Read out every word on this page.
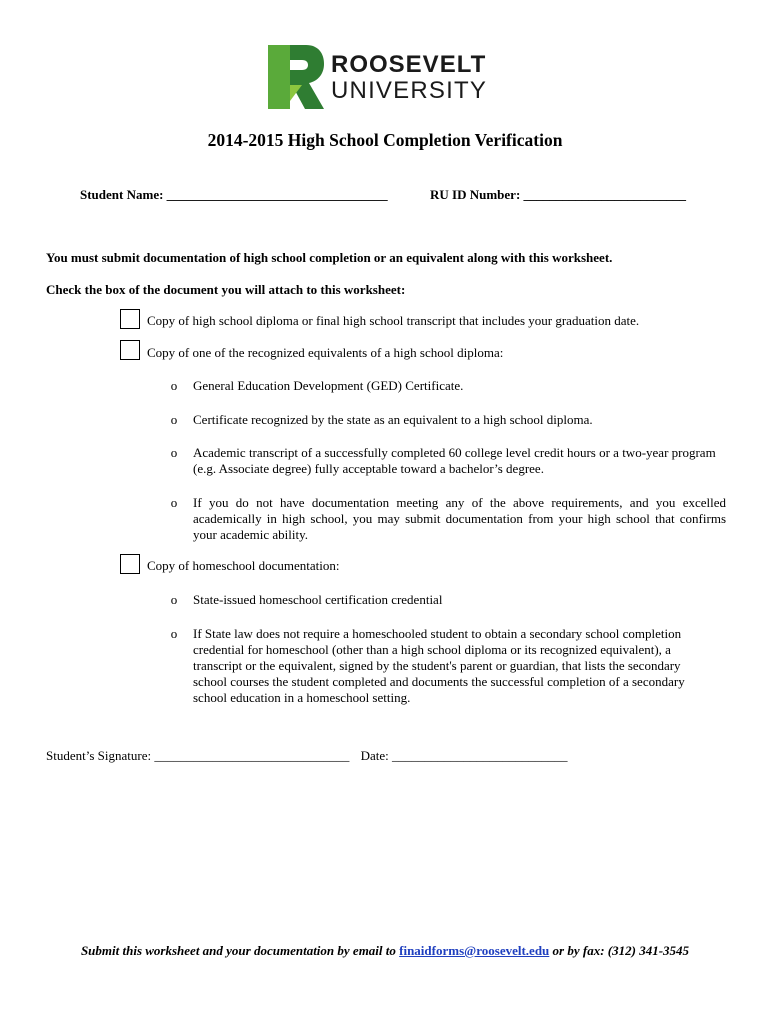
ROOSEVELT
UNIVERSITY
2014-2015 High School Completion Verification
Student Name: __________________________________	RU ID Number: _________________________
You must submit documentation of high school completion or an equivalent along with this worksheet.
Check the box of the document you will attach to this worksheet:
Copy of high school diploma or final high school transcript that includes your graduation date.
Copy of one of the recognized equivalents of a high school diploma:
o General Education Development (GED) Certificate.
o Certificate recognized by the state as an equivalent to a high school diploma.
o Academic transcript of a successfully completed 60 college level credit hours or a two-year program (e.g. Associate degree) fully acceptable toward a bachelor’s degree.
o If you do not have documentation meeting any of the above requirements, and you excelled academically in high school, you may submit documentation from your high school that confirms your academic ability.
Copy of homeschool documentation:
o State-issued homeschool certification credential
o If State law does not require a homeschooled student to obtain a secondary school completion credential for homeschool (other than a high school diploma or its recognized equivalent), a transcript or the equivalent, signed by the student's parent or guardian, that lists the secondary school courses the student completed and documents the successful completion of a secondary school education in a homeschool setting.
Student’s Signature: ______________________________ Date: ___________________________
Submit this worksheet and your documentation by email to finaidforms@roosevelt.edu or by fax: (312) 341-3545
